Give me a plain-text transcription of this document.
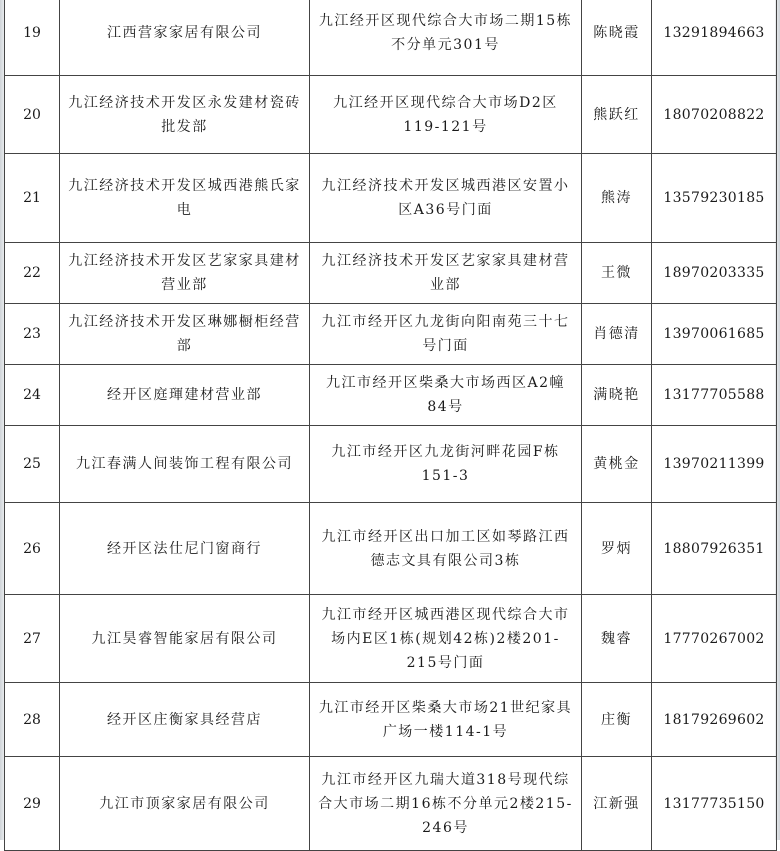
19	江西营家家居有限公司	九江经开区现代综合大市场二期15栋不分单元301号	陈晓霞	13291894663
20	九江经济技术开发区永发建材瓷砖批发部	九江经开区现代综合大市场D2区119-121号	熊跃红	18070208822
21	九江经济技术开发区城西港熊氏家电	九江经济技术开发区城西港区安置小区A36号门面	熊涛	13579230185
22	九江经济技术开发区艺家家具建材营业部	九江经济技术开发区艺家家具建材营业部	王微	18970203335
23	九江经济技术开发区琳娜橱柜经营部	九江市经开区九龙街向阳南苑三十七号门面	肖德清	13970061685
24	经开区庭琿建材营业部	九江市经开区柴桑大市场西区A2幢84号	满晓艳	13177705588
25	九江春满人间装饰工程有限公司	九江市经开区九龙街河畔花园F栋151-3	黄桃金	13970211399
26	经开区法仕尼门窗商行	九江市经开区出口加工区如琴路江西德志文具有限公司3栋	罗炳	18807926351
27	九江昊睿智能家居有限公司	九江市经开区城西港区现代综合大市场内E区1栋(规划42栋)2楼201-215号门面	魏睿	17770267002
28	经开区庄衡家具经营店	九江市经开区柴桑大市场21世纪家具广场一楼114-1号	庄衡	18179269602
29	九江市顶家家居有限公司	九江市经开区九瑞大道318号现代综合大市场二期16栋不分单元2楼215-246号	江新强	13177735150
